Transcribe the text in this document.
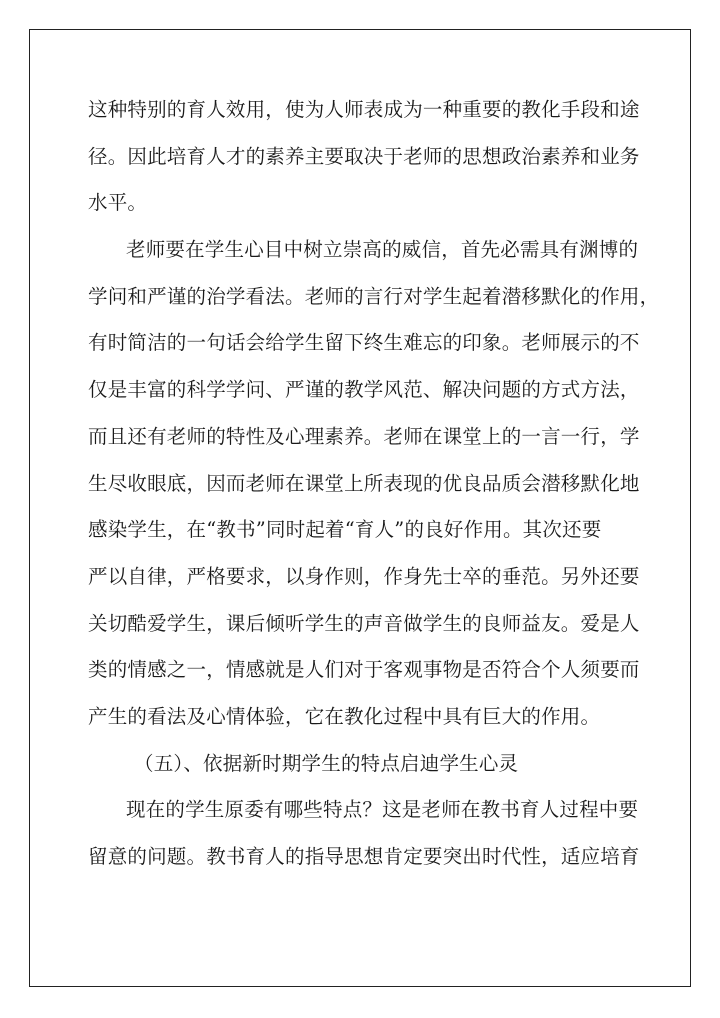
这种特别的育人效用，使为人师表成为一种重要的教化手段和途
径。因此培育人才的素养主要取决于老师的思想政治素养和业务
水平。
老师要在学生心目中树立崇高的威信，首先必需具有渊博的
学问和严谨的治学看法。老师的言行对学生起着潜移默化的作用，
有时简洁的一句话会给学生留下终生难忘的印象。老师展示的不
仅是丰富的科学学问、严谨的教学风范、解决问题的方式方法，
而且还有老师的特性及心理素养。老师在课堂上的一言一行，学
生尽收眼底，因而老师在课堂上所表现的优良品质会潜移默化地
感染学生，在“教书”同时起着“育人”的良好作用。其次还要
严以自律，严格要求，以身作则，作身先士卒的垂范。另外还要
关切酷爱学生，课后倾听学生的声音做学生的良师益友。爱是人
类的情感之一，情感就是人们对于客观事物是否符合个人须要而
产生的看法及心情体验，它在教化过程中具有巨大的作用。
（五）、依据新时期学生的特点启迪学生心灵
现在的学生原委有哪些特点？这是老师在教书育人过程中要
留意的问题。教书育人的指导思想肯定要突出时代性，适应培育
